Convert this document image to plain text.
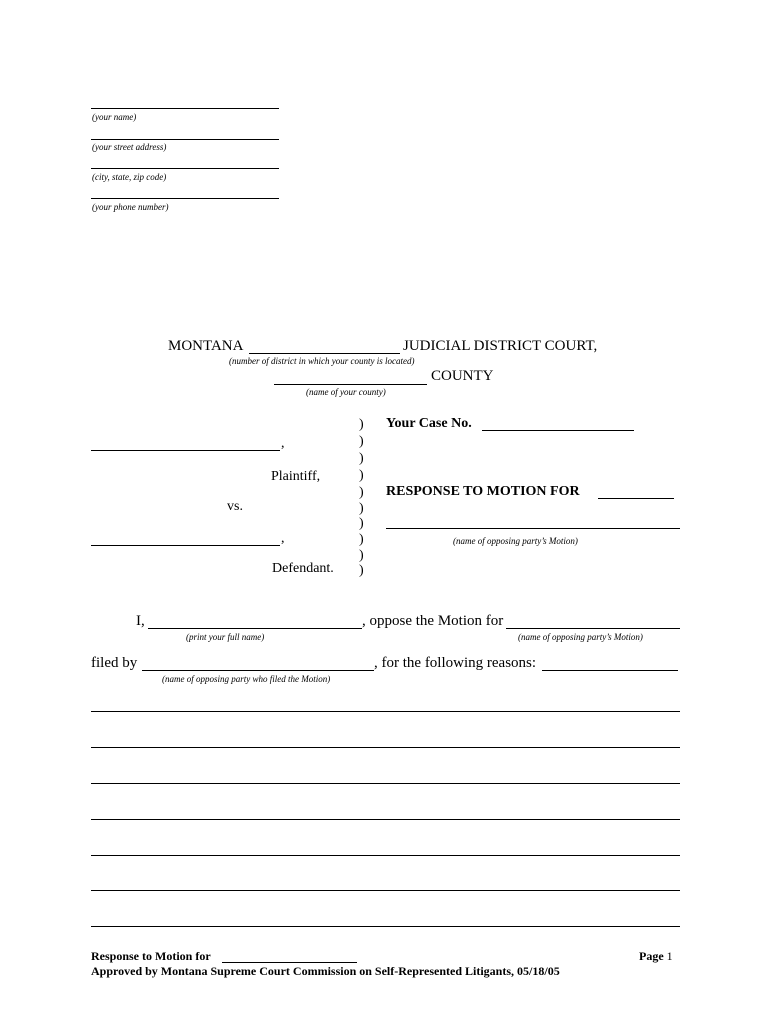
(your name)
(your street address)
(city, state, zip code)
(your phone number)
MONTANA	JUDICIAL DISTRICT COURT,
(number of district in which your county is located)
COUNTY
(name of your county)
)
)
)
)
)
)
)
)
)
)
,
Plaintiff,
vs.
,
Defendant.
Your Case No.
RESPONSE TO MOTION FOR
(name of opposing party’s Motion)
I,	, oppose the Motion for
(print your full name)	(name of opposing party’s Motion)
filed by	, for the following reasons:
(name of opposing party who filed the Motion)
Response to Motion for	Page 1
Approved by Montana Supreme Court Commission on Self-Represented Litigants, 05/18/05
